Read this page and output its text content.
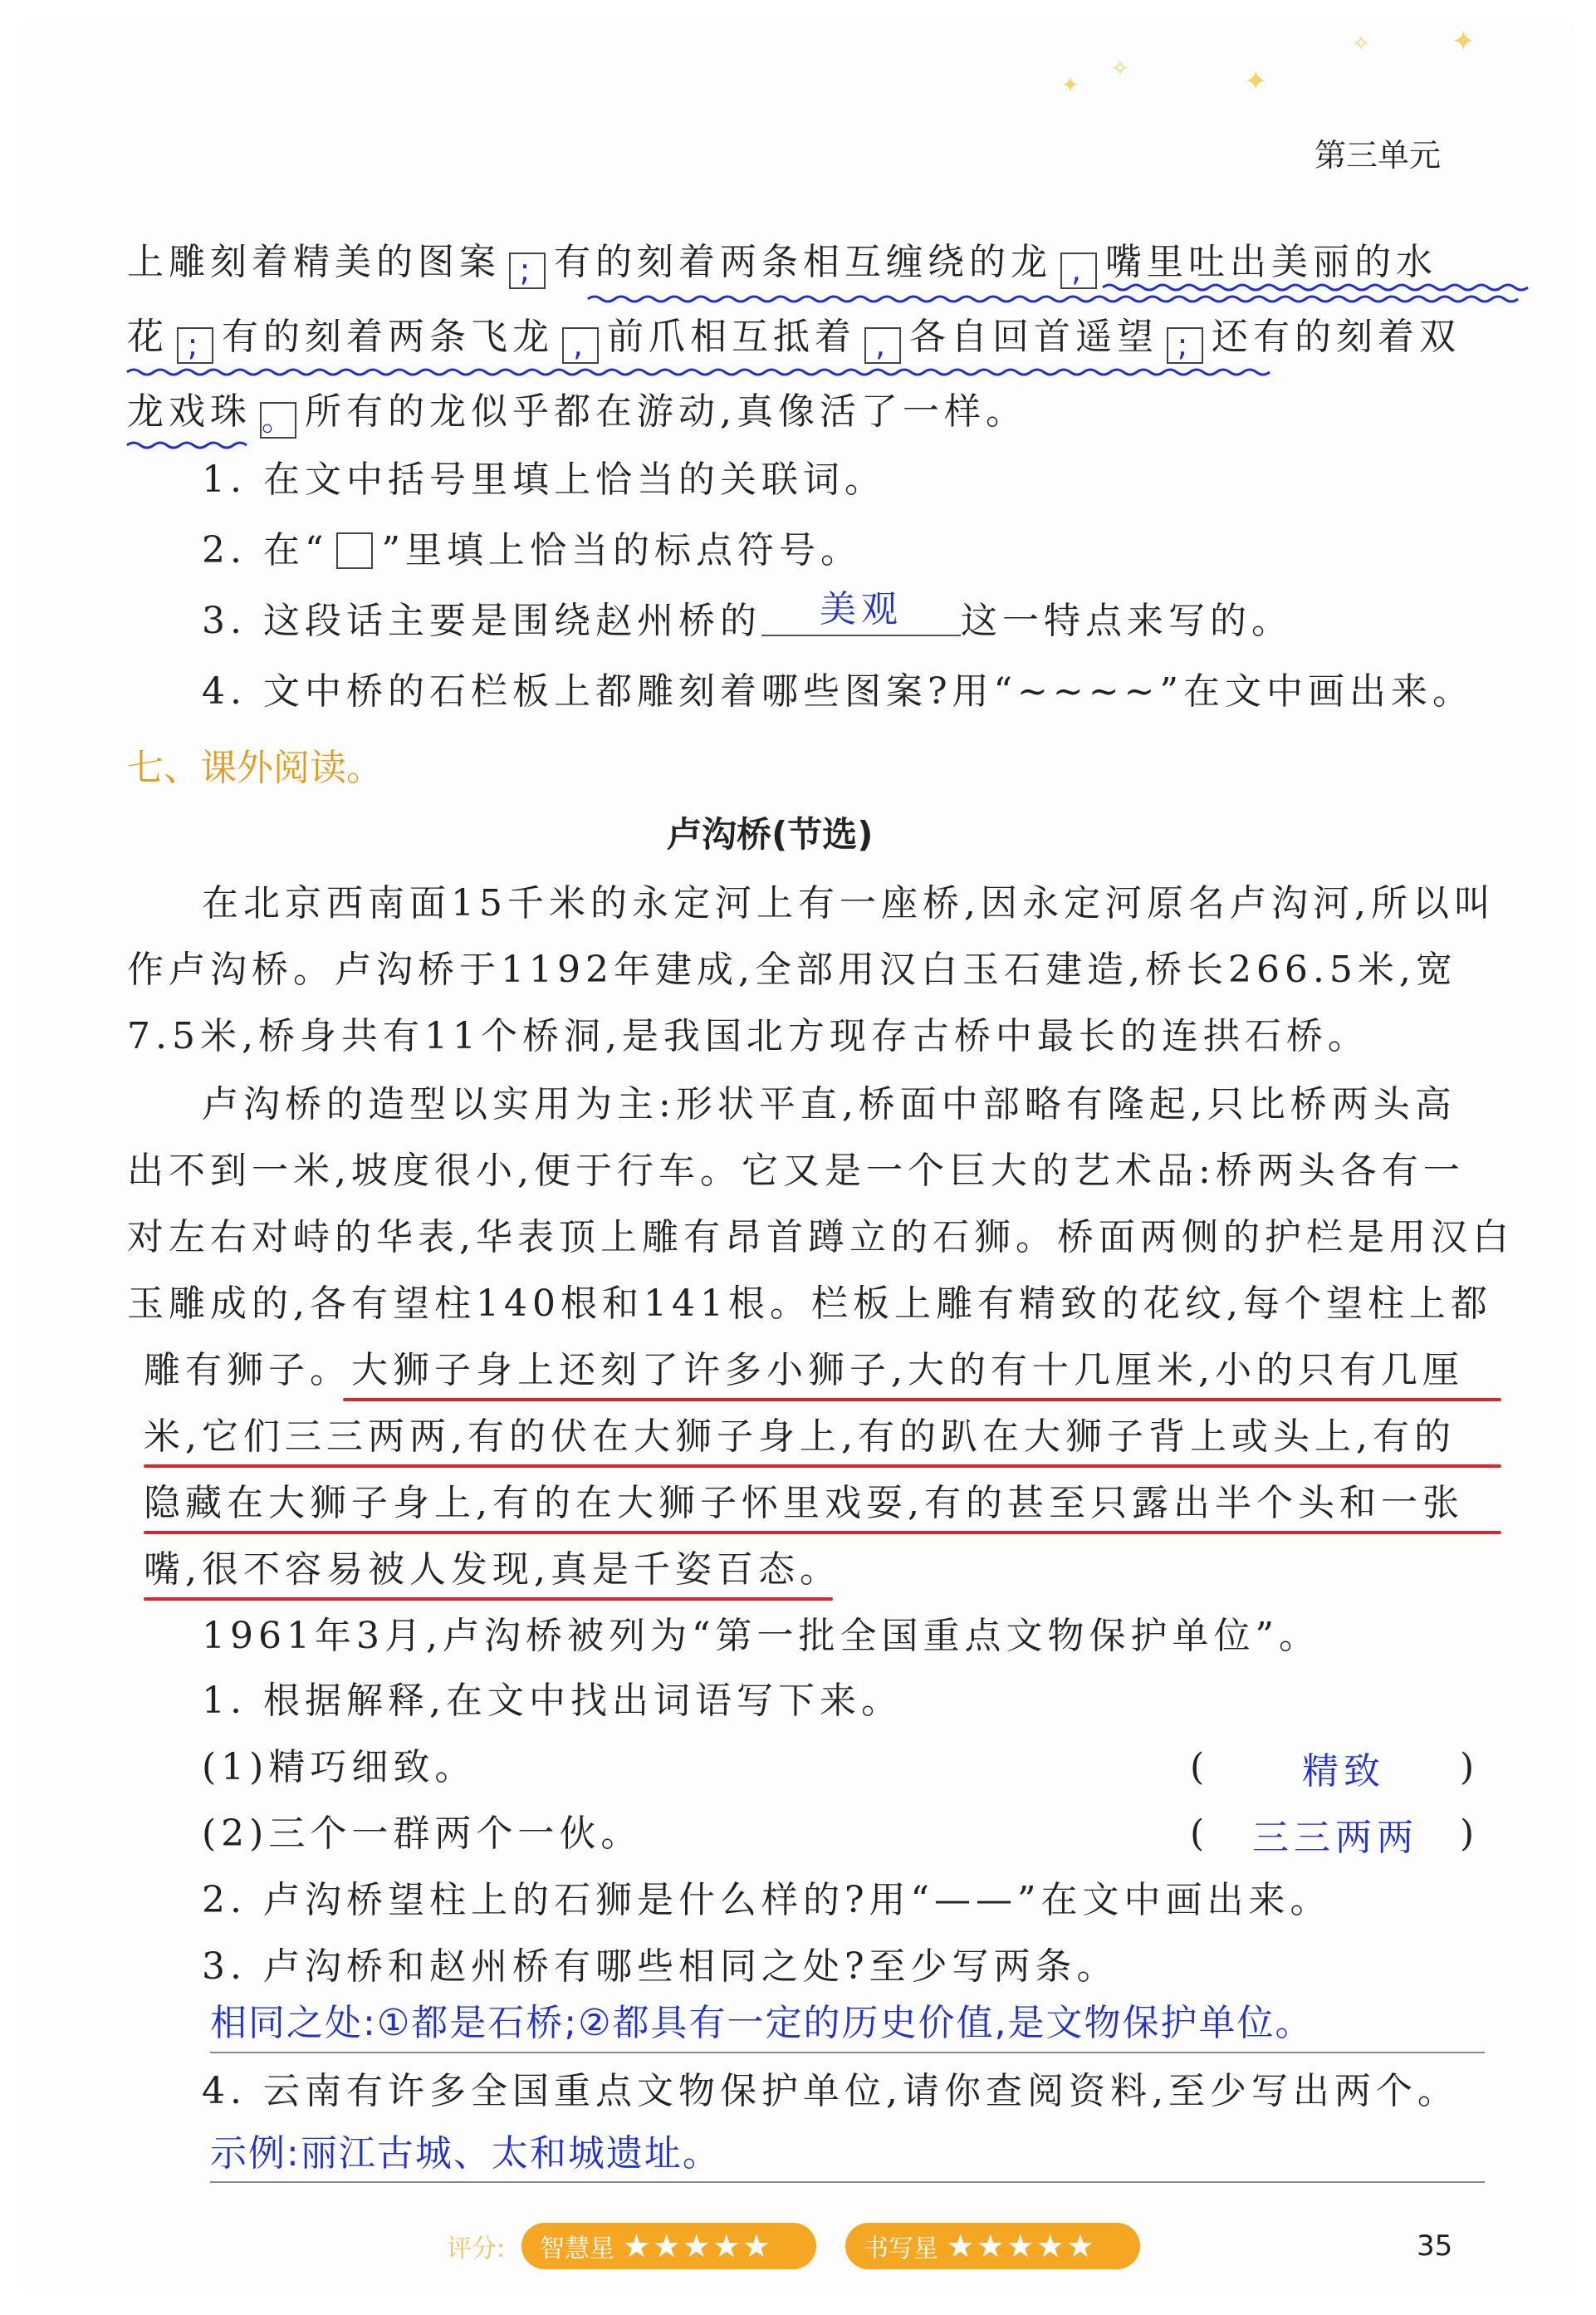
✦
✧	✦
✧	✦
第三单元
上雕刻着精美的图案 ; 有的刻着两条相互缠绕的龙 , 嘴里吐出美丽的水
花 ; 有的刻着两条飞龙 , 前爪相互抵着 , 各自回首遥望 ; 还有的刻着双
龙戏珠 。 所有的龙似乎都在游动,真像活了一样。
1. 在文中括号里填上恰当的关联词。
2. 在“ ”里填上恰当的标点符号。
3. 这段话主要是围绕赵州桥的 美观 这一特点来写的。
4. 文中桥的石栏板上都雕刻着哪些图案?用“~~~~”在文中画出来。
七、课外阅读。
卢沟桥(节选)
在北京西南面15千米的永定河上有一座桥,因永定河原名卢沟河,所以叫
作卢沟桥。卢沟桥于1192年建成,全部用汉白玉石建造,桥长266.5米,宽
7.5米,桥身共有11个桥洞,是我国北方现存古桥中最长的连拱石桥。
卢沟桥的造型以实用为主:形状平直,桥面中部略有隆起,只比桥两头高
出不到一米,坡度很小,便于行车。它又是一个巨大的艺术品:桥两头各有一
对左右对峙的华表,华表顶上雕有昂首蹲立的石狮。桥面两侧的护栏是用汉白
玉雕成的,各有望柱140根和141根。栏板上雕有精致的花纹,每个望柱上都
雕有狮子。大狮子身上还刻了许多小狮子,大的有十几厘米,小的只有几厘
米,它们三三两两,有的伏在大狮子身上,有的趴在大狮子背上或头上,有的
隐藏在大狮子身上,有的在大狮子怀里戏耍,有的甚至只露出半个头和一张
嘴,很不容易被人发现,真是千姿百态。
1961年3月,卢沟桥被列为“第一批全国重点文物保护单位”。
1. 根据解释,在文中找出词语写下来。
(1)精巧细致。	(	精致 )
(2)三个一群两个一伙。	( 三三两两 )
2. 卢沟桥望柱上的石狮是什么样的?用“——”在文中画出来。
3. 卢沟桥和赵州桥有哪些相同之处?至少写两条。
相同之处:①都是石桥;②都具有一定的历史价值,是文物保护单位。
4. 云南有许多全国重点文物保护单位,请你查阅资料,至少写出两个。
示例:丽江古城、太和城遗址。
评分:	智慧星 ★★★★★	书写星 ★★★★★	35
